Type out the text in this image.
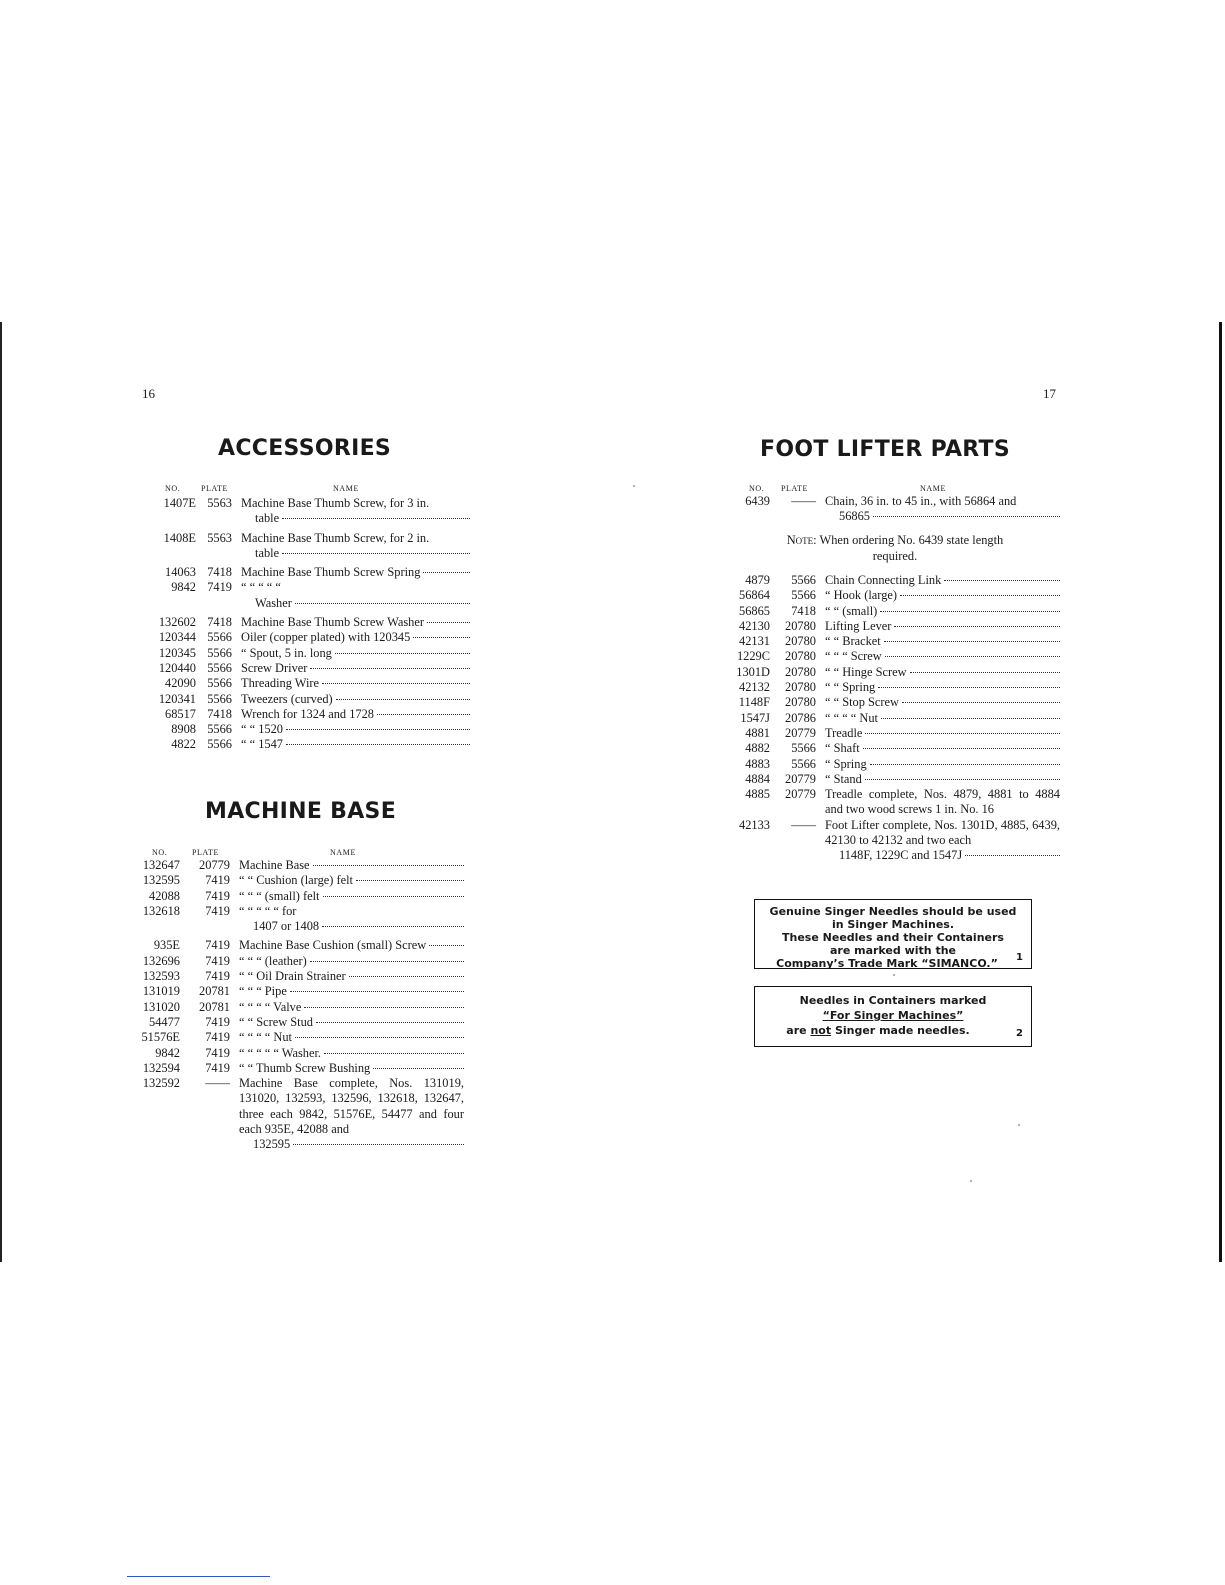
16
ACCESSORIES
NO.	PLATE	NAME
1407E 5563 Machine Base Thumb Screw, for 3 in.
table
1408E 5563 Machine Base Thumb Screw, for 2 in.
table
14063 7418 Machine Base Thumb Screw Spring
9842 7419 “ “ “ “ “
Washer
132602 7418 Machine Base Thumb Screw Washer
120344 5566 Oiler (copper plated) with 120345
120345 5566 “ Spout, 5 in. long
120440 5566 Screw Driver
42090 5566 Threading Wire
120341 5566 Tweezers (curved)
68517 7418 Wrench for 1324 and 1728
8908 5566 “ “ 1520
4822 5566 “ “ 1547
MACHINE BASE
NO.	PLATE	NAME
132647	20779 Machine Base
132595	7419 “ “ Cushion (large) felt
42088	7419 “ “ “ (small) felt
132618	7419 “ “ “ “ “ for
1407 or 1408
935E	7419 Machine Base Cushion (small) Screw
132696	7419 “ “ “ (leather)
132593	7419 “ “ Oil Drain Strainer
131019	20781 “ “ “ Pipe
131020	20781 “ “ “ “ Valve
54477	7419 “ “ Screw Stud
51576E	7419 “ “ “ “ Nut
9842	7419 “ “ “ “ “ Washer.
132594	7419 “ “ Thumb Screw Bushing
132592	—— Machine Base complete, Nos. 131019, 131020, 132593, 132596, 132618, 132647, three each 9842, 51576E, 54477 and four each 935E, 42088 and
132595
17
FOOT LIFTER PARTS
NO. PLATE	NAME
6439	—— Chain, 36 in. to 45 in., with 56864 and
56865
Note: When ordering No. 6439 state length
required.
4879	5566 Chain Connecting Link
56864	5566 “ Hook (large)
56865	7418 “ “ (small)
42130	20780 Lifting Lever
42131	20780 “ “ Bracket
1229C	20780 “ “ “ Screw
1301D	20780 “ “ Hinge Screw
42132	20780 “ “ Spring
1148F	20780 “ “ Stop Screw
1547J	20786 “ “ “ “ Nut
4881	20779 Treadle
4882	5566 “ Shaft
4883	5566 “ Spring
4884	20779 “ Stand
4885	20779 Treadle complete, Nos. 4879, 4881 to 4884 and two wood screws 1 in. No. 16
42133	—— Foot Lifter complete, Nos. 1301D, 4885, 6439, 42130 to 42132 and two each
1148F, 1229C and 1547J
Genuine Singer Needles should be used
in Singer Machines.
These Needles and their Containers
are marked with the
Company’s Trade Mark “SIMANCO.”	1
Needles in Containers marked
“For Singer Machines”
are not Singer made needles.	2
